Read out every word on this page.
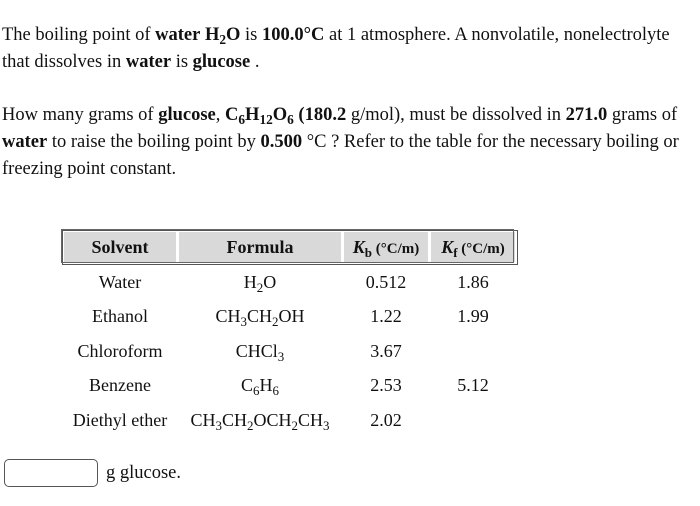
The boiling point of water $H_2O$ is 100.0°C at 1 atmosphere. A nonvolatile, nonelectrolyte that dissolves in water is glucose .

How many grams of glucose, $C_6H_{12}O_6$ (180.2 g/mol), must be dissolved in 271.0 grams of water to raise the boiling point by 0.500 °C ? Refer to the table for the necessary boiling or freezing point constant.

Solvent	Formula	$K_b$ (°C/m)	$K_f$ (°C/m)
Water	$H_2O$	0.512	1.86
Ethanol	$CH_3CH_2OH$	1.22	1.99
Chloroform	CHCl$_3$	3.67	
Benzene	$C_6H_6$	2.53	5.12
Diethyl ether	$CH_3CH_2OCH_2CH_3$	2.02	
g glucose.
